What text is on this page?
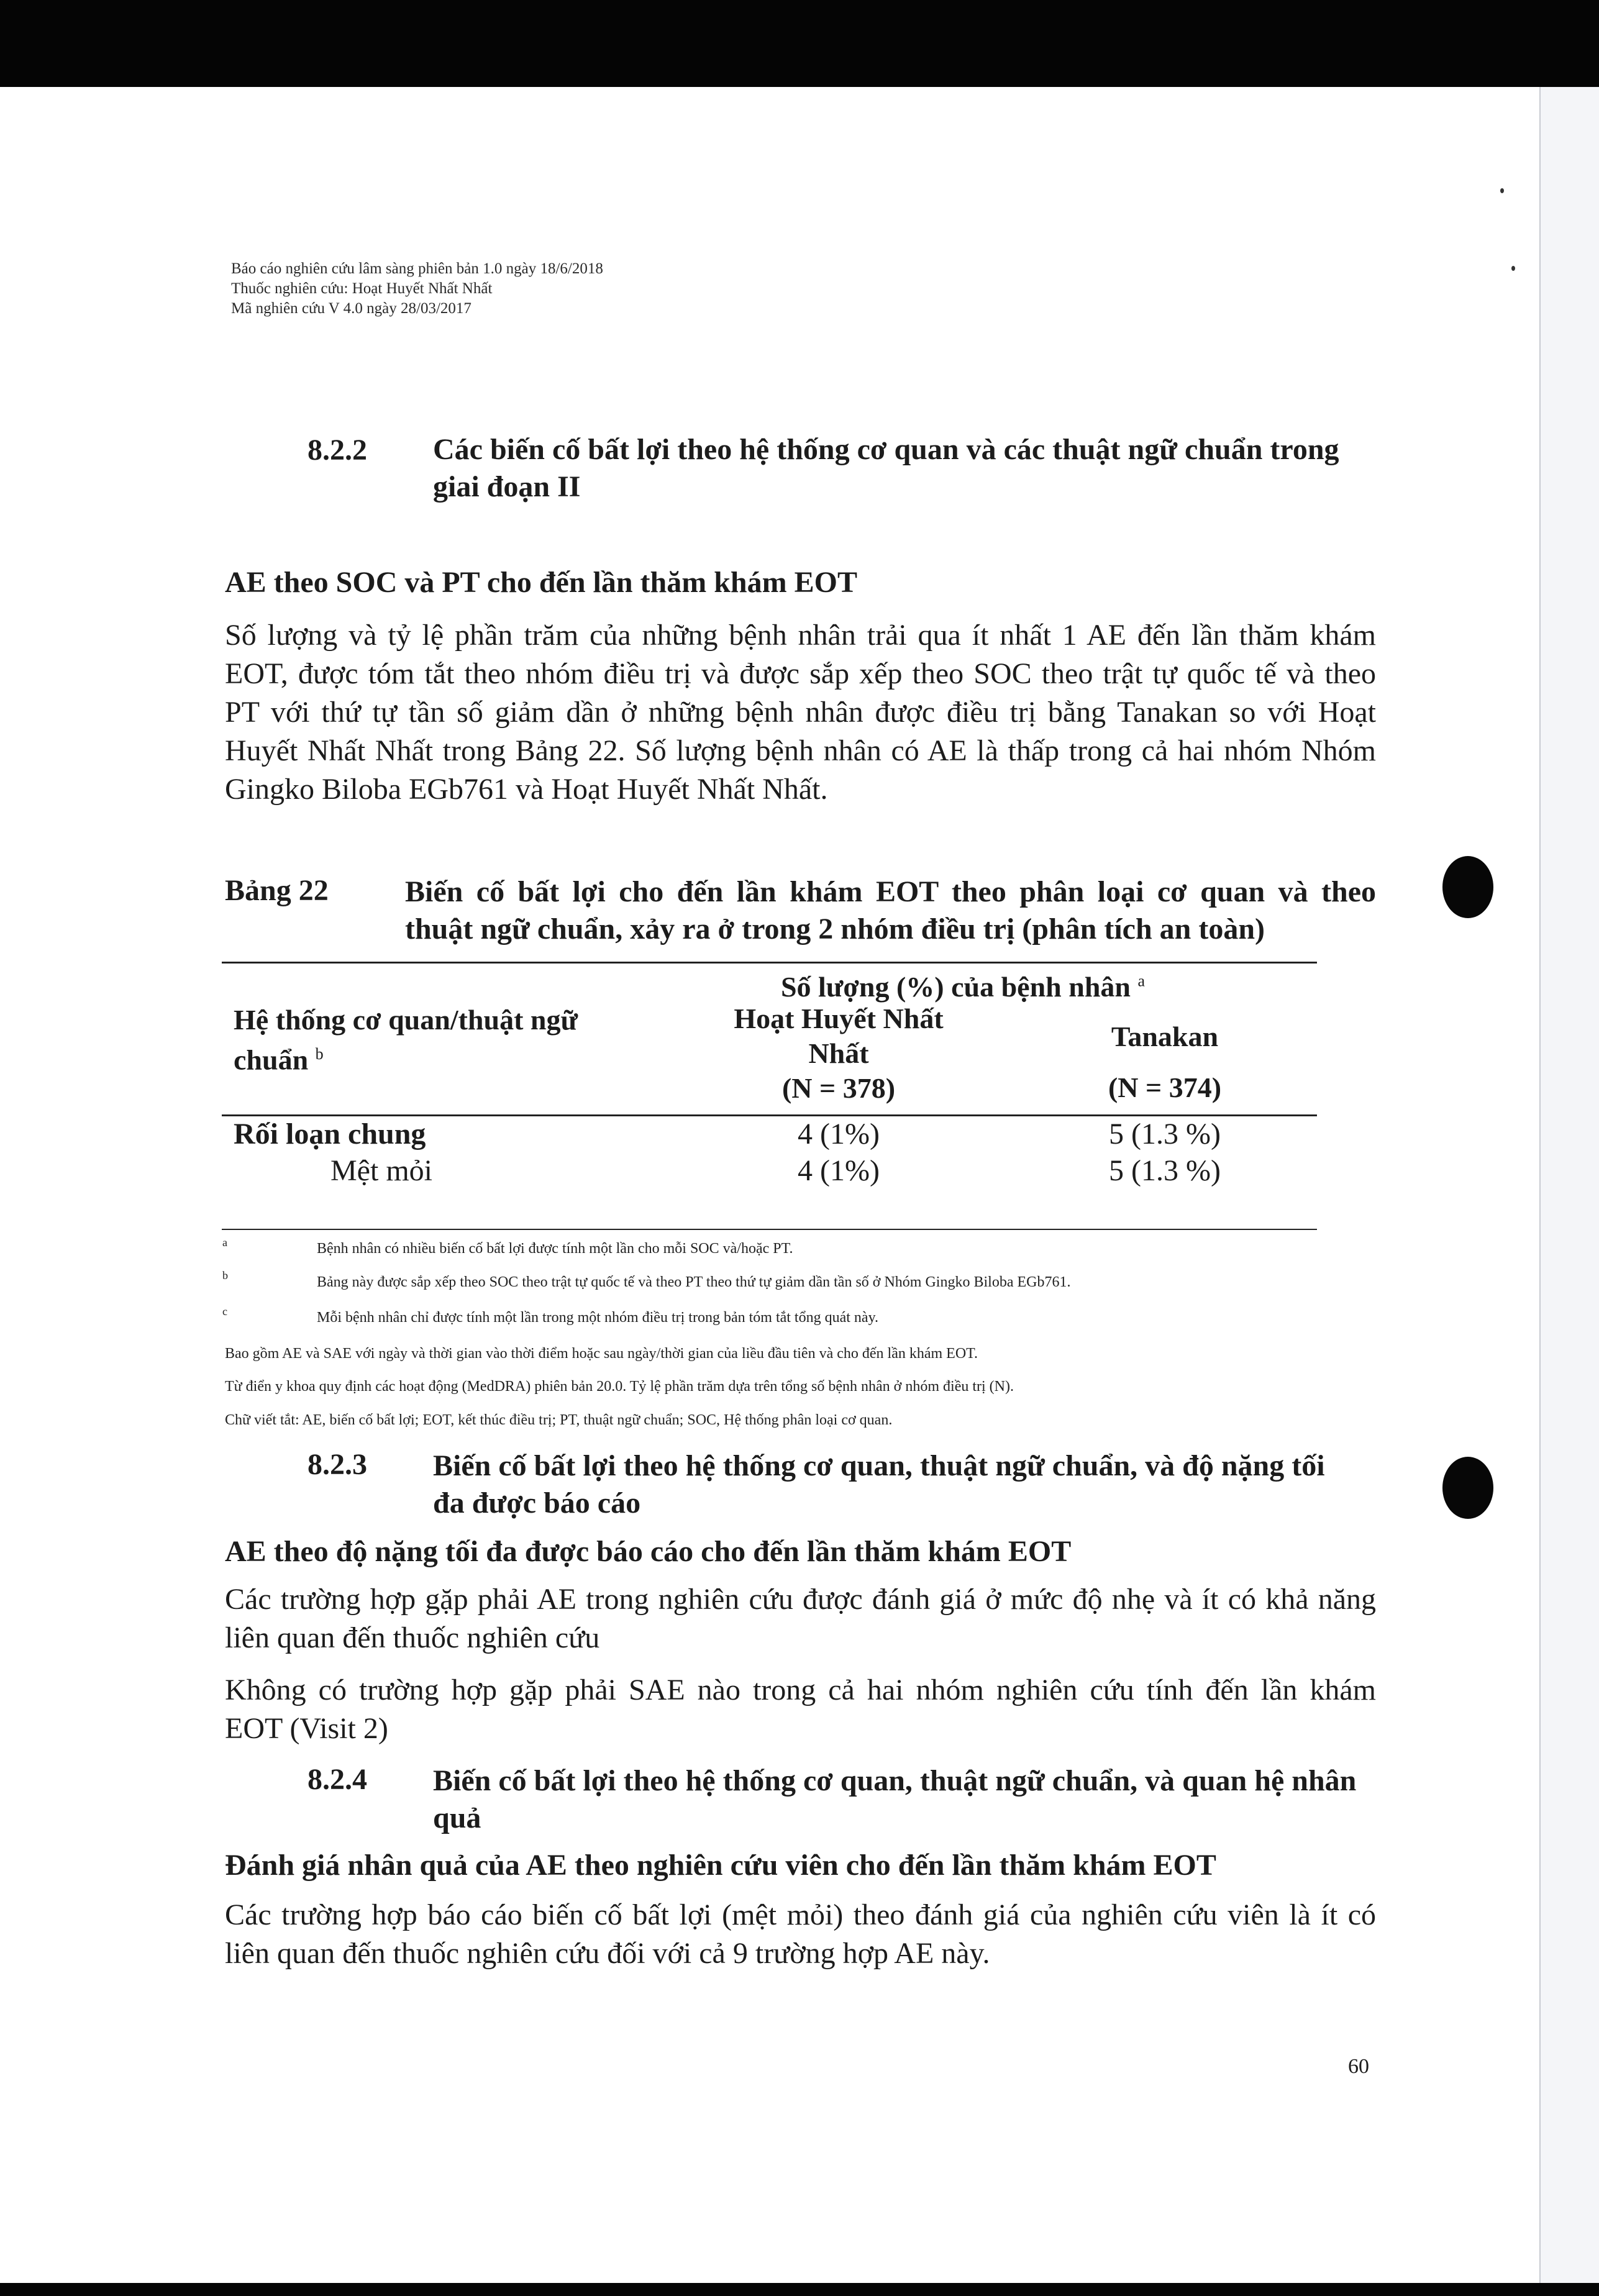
Báo cáo nghiên cứu lâm sàng phiên bản 1.0 ngày 18/6/2018
Thuốc nghiên cứu: Hoạt Huyết Nhất Nhất
Mã nghiên cứu V 4.0 ngày 28/03/2017
8.2.2 Các biến cố bất lợi theo hệ thống cơ quan và các thuật ngữ chuẩn trong
giai đoạn II
AE theo SOC và PT cho đến lần thăm khám EOT
Số lượng và tỷ lệ phần trăm của những bệnh nhân trải qua ít nhất 1 AE đến lần thăm khám
EOT, được tóm tắt theo nhóm điều trị và được sắp xếp theo SOC theo trật tự quốc tế và theo
PT với thứ tự tần số giảm dần ở những bệnh nhân được điều trị bằng Tanakan so với Hoạt
Huyết Nhất Nhất trong Bảng 22. Số lượng bệnh nhân có AE là thấp trong cả hai nhóm Nhóm
Gingko Biloba EGb761 và Hoạt Huyết Nhất Nhất.
Bảng 22	Biến cố bất lợi cho đến lần khám EOT theo phân loại cơ quan và theo
thuật ngữ chuẩn, xảy ra ở trong 2 nhóm điều trị (phân tích an toàn)
Số lượng (%) của bệnh nhân $^a$
Hệ thống cơ quan/thuật ngữ
chuẩn $^b$
Hoạt Huyết Nhất
Nhất
(N = 378)
Tanakan
(N = 374)
Rối loạn chung	4 (1%)	5 (1.3 %)
Mệt mỏi	4 (1%)	5 (1.3 %)
a	Bệnh nhân có nhiều biến cố bất lợi được tính một lần cho mỗi SOC và/hoặc PT.
b	Bảng này được sắp xếp theo SOC theo trật tự quốc tế và theo PT theo thứ tự giảm dần tần số ở Nhóm Gingko Biloba EGb761.
c	Mỗi bệnh nhân chỉ được tính một lần trong một nhóm điều trị trong bản tóm tắt tổng quát này.
Bao gồm AE và SAE với ngày và thời gian vào thời điểm hoặc sau ngày/thời gian của liều đầu tiên và cho đến lần khám EOT.
Từ điển y khoa quy định các hoạt động (MedDRA) phiên bản 20.0. Tỷ lệ phần trăm dựa trên tổng số bệnh nhân ở nhóm điều trị (N).
Chữ viết tắt: AE, biến cố bất lợi; EOT, kết thúc điều trị; PT, thuật ngữ chuẩn; SOC, Hệ thống phân loại cơ quan.
8.2.3 Biến cố bất lợi theo hệ thống cơ quan, thuật ngữ chuẩn, và độ nặng tối
đa được báo cáo
AE theo độ nặng tối đa được báo cáo cho đến lần thăm khám EOT
Các trường hợp gặp phải AE trong nghiên cứu được đánh giá ở mức độ nhẹ và ít có khả năng
liên quan đến thuốc nghiên cứu
Không có trường hợp gặp phải SAE nào trong cả hai nhóm nghiên cứu tính đến lần khám
EOT (Visit 2)
8.2.4 Biến cố bất lợi theo hệ thống cơ quan, thuật ngữ chuẩn, và quan hệ nhân
quả
Đánh giá nhân quả của AE theo nghiên cứu viên cho đến lần thăm khám EOT
Các trường hợp báo cáo biến cố bất lợi (mệt mỏi) theo đánh giá của nghiên cứu viên là ít có
liên quan đến thuốc nghiên cứu đối với cả 9 trường hợp AE này.
60
